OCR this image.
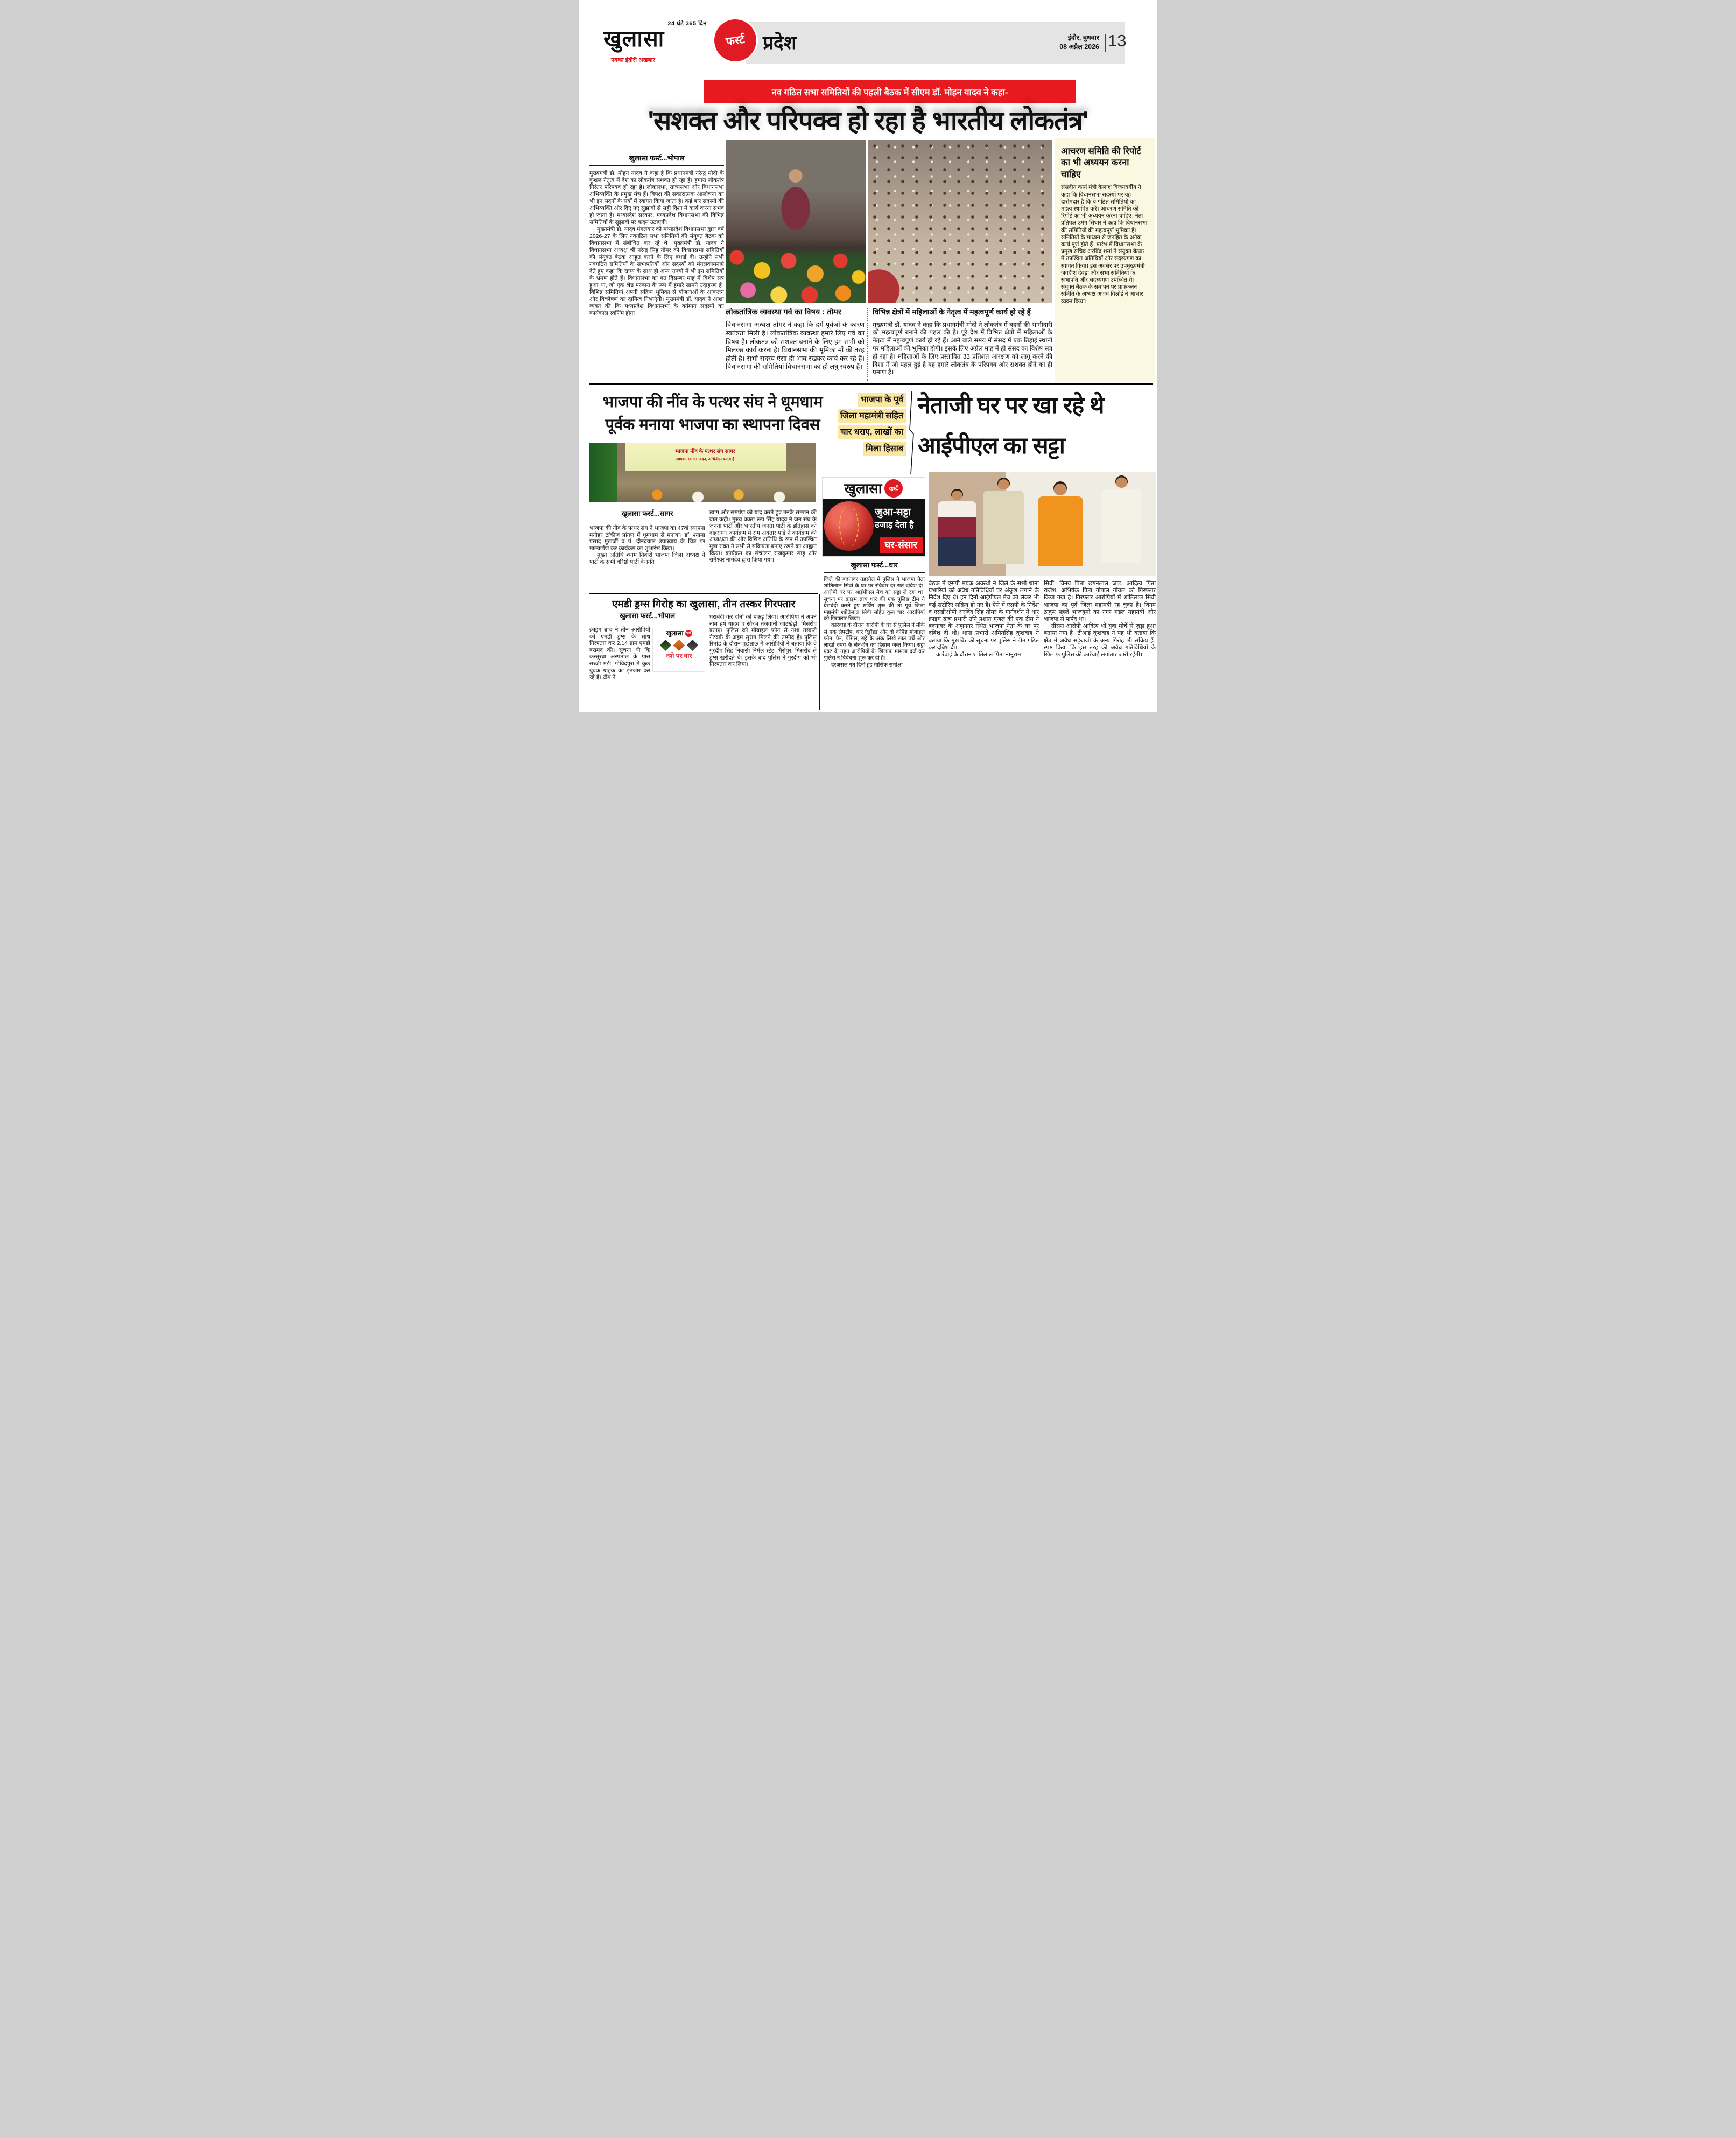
24 घंटे 365 दिन
खुलासा	फर्स्ट
पक्का इंदौरी अखबार
प्रदेश	इंदौर, बुधवार
08 अप्रैल 2026 13
नव गठित सभा समितियों की पहली बैठक में सीएम डॉ. मोहन यादव ने कहा-
'सशक्त और परिपक्व हो रहा है भारतीय लोकतंत्र'
खुलासा फर्स्ट...भोपाल

मुख्यमंत्री डॉ. मोहन यादव ने कहा है कि प्रधानमंत्री नरेन्द्र मोदी के कुशल नेतृत्व में देश का लोकतंत्र सशक्त हो रहा हैं। हमारा लोकतंत्र निरंतर परिपक्व हो रहा है। लोकसभा, राज्यसभा और विधानसभा अभिव्यक्ति के प्रमुख मंच हैं। विपक्ष की सकारात्मक आलोचना का भी इन सदनों के सत्रों में स्वागत किया जाता है। कई बार सदस्यों की अभिव्यक्ति और दिए गए सुझावों से सही दिशा में कार्य करना संभव हो जाता है। मध्यप्रदेश सरकार, मध्यप्रदेश विधानसभा की विभिन्न समितियों के सुझावों पर कदम उठाएगी।

मुख्यमंत्री डॉ. यादव मंगलवार को मध्यप्रदेश विधानसभा द्वारा वर्ष 2026-27 के लिए नवगठित सभा समितियों की संयुक्त बैठक को विधानसभा में संबोधित कर रहे थे। मुख्यमंत्री डॉ. यादव ने विधानसभा अध्यक्ष श्री नरेन्द्र सिंह तोमर को विधानसभा समितियों की संयुक्त बैठक आहूत करने के लिए बधाई दी। उन्होंने सभी नवगठित समितियों के सभापतियों और सदस्यों को मंगलकामनाएं देते हुए कहा कि राज्य के साथ ही अन्य राज्यों में भी इन समितियों के भ्रमण होते हैं। विधानसभा का गत दिसम्बर माह में विशेष सत्र हुआ था, जो एक श्रेष्ठ परम्परा के रूप में हमारे सामने उदाहरण है। विभिन्न समितियां अपनी सक्रिय भूमिका से योजनाओं के आंकलन और विश्लेषण का दायित्व निभाएंगी। मुख्यमंत्री डॉ. यादव ने आशा व्यक्त की कि मध्यप्रदेश विधानसभा के वर्तमान सदस्यों का कार्यकाल स्वर्णिम होगा।	लोकतांत्रिक व्यवस्था गर्व का विषय : तोमर

विधानसभा अध्यक्ष तोमर ने कहा कि हमें पूर्वजों के कारण स्वतंत्रता मिली है। लोकतांत्रिक व्यवस्था हमारे लिए गर्व का विषय है। लोकतंत्र को सशक्त बनाने के लिए हम सभी को मिलकर कार्य करना है। विधानसभा की भूमिका माँ की तरह होती है। सभी सदस्य ऐसा ही भाव रखकर कार्य कर रहे हैं। विधानसभा की समितियां विधानसभा का ही लघु स्वरुप हैं।

विभिन्न क्षेत्रों में महिलाओं के नेतृत्व में महत्वपूर्ण कार्य हो रहे हैं

मुख्यमंत्री डॉ. यादव ने कहा कि प्रधानमंत्री मोदी ने लोकतंत्र में बहनों की भागीदारी को महत्वपूर्ण बनाने की पहल की है। पूरे देश में विभिन्न क्षेत्रों में महिलाओं के नेतृत्व में महत्वपूर्ण कार्य हो रहे हैं। आने वाले समय में संसद में एक तिहाई स्थानों पर महिलाओं की भूमिका होगी। इसके लिए अप्रैल माह में ही संसद का विशेष सत्र हो रहा है। महिलाओं के लिए प्रस्तावित 33 प्रतिशत आरक्षण को लागू करने की दिशा में जो पहल हुई है वह हमारे लोकतंत्र के परिपक्व और सशक्त होने का ही प्रमाण है।

आचरण समिति की रिपोर्ट का भी अध्ययन करना चाहिए

संसदीय कार्य मंत्री कैलाश विजयवर्गीय ने कहा कि विधानसभा सदस्यों पर यह दारोमदार है कि वे गठित समितियों का महत्व स्थापित करें। आचरण समिति की रिपोर्ट का भी अध्ययन करना चाहिए। नेता प्रतिपक्ष उमंग सिंघार ने कहा कि विधानसभा की समितियों की महत्वपूर्ण भूमिका है। समितियों के माध्यम से जनहित के अनेक कार्य पूर्ण होते हैं। प्रारंभ में विधानसभा के प्रमुख सचिव अरविंद शर्मा ने संयुक्त बैठक में उपस्थित अतिथियों और सदस्यगण का स्वागत किया। इस अवसर पर उपमुख्यमंत्री जगदीश देवड़ा और सभा समितियों के सभापति और सदस्यगण उपस्थित थे। संयुक्त बैठक के समापन पर प्राक्कलन समिति के अध्यक्ष अजय विश्नोई ने आभार व्यक्त किया।

भाजपा की नींव के पत्थर संघ ने धूमधाम पूर्वक मनाया भाजपा का स्थापना दिवस
भाजपा नींव के पत्थर संघ सागर
आपका स्वागत, वंदन, अभिनंदन करता है
भाजपा के पूर्व
जिला महामंत्री सहित
चार धराए, लाखों का
मिला हिसाब
नेताजी घर पर खा रहे थे आईपीएल का सट्टा
खुलासा	फर्स्ट
जुआ-सट्टा
उजाड़ देता है
घर-संसार
खुलासा फर्स्ट...सागर

भाजपा की नींव के पत्थर संघ ने भाजपा का 47वां स्थापना मनोहर टॉकीज प्रांगण में धूमधाम से मनाया। डॉ. श्यामा प्रसाद मुखर्जी व पं. दीनदयाल उपाध्याय के चित्र पर माल्यार्पण कर कार्यक्रम का शुभारंभ किया।

मुख्य अतिथि श्याम तिवारी भाजपा जिला अध्यक्ष ने पार्टी के सभी वरिष्ठों पार्टी के प्रति

त्याग और समर्पण को याद करते हुए उनके सम्मान की बात कही। मुख्य वक्ता रूप सिंह यादव ने जन संघ के जनता पार्टी और भारतीय जनता पार्टी के इतिहास को दोहराया। कार्यक्रम में राम अवतार पांडे ने कार्यक्रम की अध्यक्षता की और विशिष्ट अतिथि के रूप में उपस्थित मुन्ना रावत ने सभी से सक्रियता बनाए रखने का आह्वान किया। कार्यक्रम का संचालन राजकुमार साहू और रामेश्वर नामदेव द्वारा किया गया।

एमडी ड्रग्स गिरोह का खुलासा, तीन तस्कर गिरफ्तार
खुलासा फर्स्ट...भोपाल
खुलासा	फर्स्ट
नशे पर वार

क्राइम ब्रांच ने तीन आरोपियों को एमडी ड्रग्स के साथ गिरफ्तार कर 2.14 ग्राम एमडी बरामद की। सूचना थी कि कस्तूरबा अस्पताल के पास सब्जी मंडी, गोविंदपुरा में कुछ युवक ग्राहक का इंतजार कर रहे हैं। टीम ने

घेराबंदी कर दोनों को पकड़ लिया। आरोपियों ने अपने नाम हर्ष यादव व सौरभ तेजवानी जाटखेड़ी, मिसरोद बताए। पुलिस को मोबाइल फोन से नशा तस्करी नेटवर्क के अहम सुराग मिलने की उम्मीद है। पुलिस रिमांड के दौरान पूछताछ में आरोपियों ने बताया कि वे गुरदीप सिंह निवासी निर्मल स्टेट, भैरोपुर, मिसरोद से ड्रग्स खरीदते थे। इसके बाद पुलिस ने गुरदीप को भी गिरफ्तार कर लिया।

खुलासा फर्स्ट...धार

जिले की बदनावर तहसील में पुलिस ने भाजपा नेता शांतिलाल सिर्वी के घर पर रविवार देर रात दबिश दी। आरोपी घर पर आईपीएल मैच का सट्टा ले रहा था। सूचना पर क्राइम ब्रांच धार की एक पुलिस टीम ने घेराबंदी करते हुए सर्चिंग शुरू की तो पूर्व जिला महामंत्री शांतिलाल सिर्वी सहित कुल चार आरोपियों को गिरफ्तार किया।

कार्रवाई के दौरान आरोपी के घर से पुलिस ने मौके से एक लैपटॉप, चार एंड्रॉइड और दो कीपैड मोबाइल फोन, पेन, पेंसिल, सट्टे के अंक लिखे सात पर्चे और लाखों रुपये के लेन-देन का हिसाब जब्त किया। सट्टा एक्ट के तहत आरोपियों के खिलाफ मामला दर्ज कर पुलिस ने विवेचना शुरू कर दी है।

दरअसल गत दिनों हुई मासिक समीक्षा

बैठक में एसपी मयंक अवस्थी ने जिले के सभी थाना प्रभारियों को अवैध गतिविधियों पर अंकुश लगाने के निर्देश दिए थे। इन दिनों आईपीएल मैच को लेकर भी कई सटोरिए सक्रिय हो गए हैं। ऐसे में एसपी के निर्देश व एसडीओपी अरविंद सिंह तोमर के मार्गदर्शन में धार क्राइम ब्रांच प्रभारी उनि प्रशांत गूंजल की एक टीम ने बदनावर के अणुनगर स्थित भाजपा नेता के घर पर दबिश दी थी। थाना प्रभारी अमितसिंह कुशवाह ने बताया कि मुखबिर की सूचना पर पुलिस ने टीम गठित कर दबिश दी।

कार्रवाई के दौरान शांतिलाल पिता नानूराम

सिर्वी, विनय पिता छगनलाल जाट, आदित्य पिता राजेश, अभिषेक पिता गोपाल गोयल को गिरफ्तार किया गया है। गिरफ्तार आरोपियों में शांतिलाल सिर्वी भाजपा का पूर्व जिला महामंत्री रह चुका है। विनय ठाकुर पहले भाजयुमो का नगर मंडल महामंत्री और भाजपा से पार्षद था।

तीसरा आरोपी आदित्य भी युवा मोर्चे से जुड़ा हुआ बताया गया है। टीआई कुशवाह ने यह भी बताया कि क्षेत्र में अवैध सट्टेबाजी के अन्य गिरोह भी सक्रिय हैं। स्पष्ट किया कि इस तरह की अवैध गतिविधियों के खिलाफ पुलिस की कार्रवाई लगातार जारी रहेगी।
